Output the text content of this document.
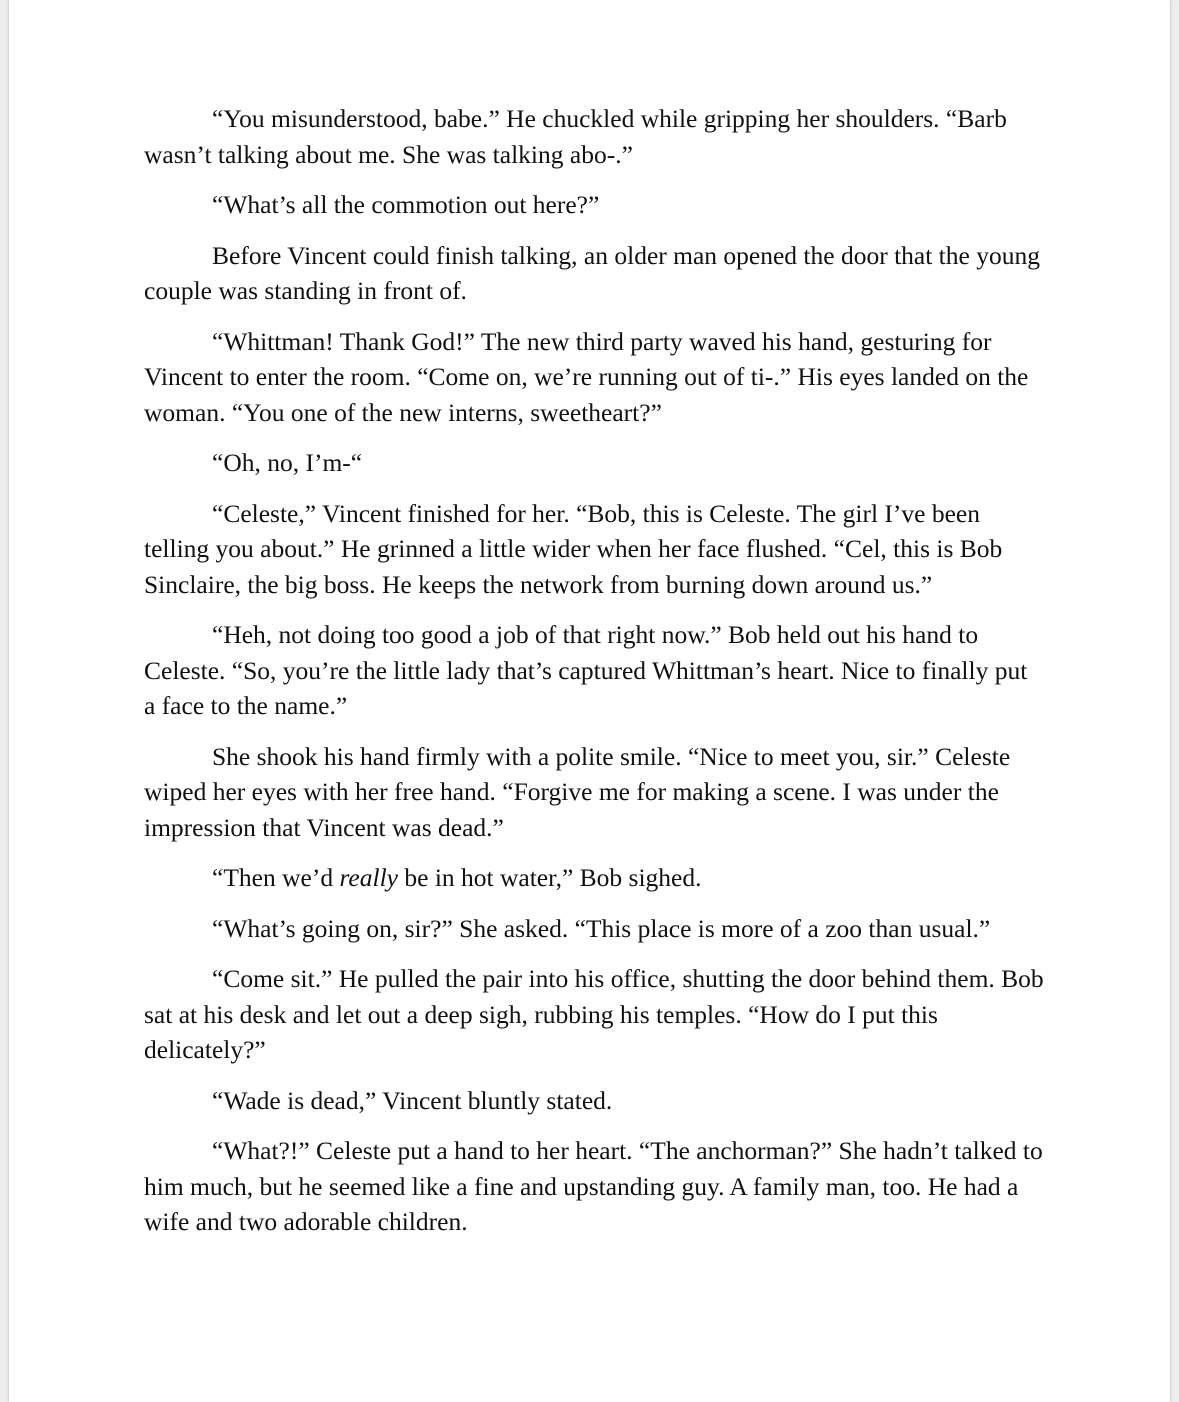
“You misunderstood, babe.” He chuckled while gripping her shoulders. “Barb wasn’t talking about me. She was talking abo-.”

“What’s all the commotion out here?”

Before Vincent could finish talking, an older man opened the door that the young couple was standing in front of.

“Whittman! Thank God!” The new third party waved his hand, gesturing for Vincent to enter the room. “Come on, we’re running out of ti-.” His eyes landed on the woman. “You one of the new interns, sweetheart?”

“Oh, no, I’m-“

“Celeste,” Vincent finished for her. “Bob, this is Celeste. The girl I’ve been telling you about.” He grinned a little wider when her face flushed. “Cel, this is Bob Sinclaire, the big boss. He keeps the network from burning down around us.”

“Heh, not doing too good a job of that right now.” Bob held out his hand to Celeste. “So, you’re the little lady that’s captured Whittman’s heart. Nice to finally put a face to the name.”

She shook his hand firmly with a polite smile. “Nice to meet you, sir.” Celeste wiped her eyes with her free hand. “Forgive me for making a scene. I was under the impression that Vincent was dead.”

“Then we’d really be in hot water,” Bob sighed.

“What’s going on, sir?” She asked. “This place is more of a zoo than usual.”

“Come sit.” He pulled the pair into his office, shutting the door behind them. Bob sat at his desk and let out a deep sigh, rubbing his temples. “How do I put this delicately?”

“Wade is dead,” Vincent bluntly stated.

“What?!” Celeste put a hand to her heart. “The anchorman?” She hadn’t talked to him much, but he seemed like a fine and upstanding guy. A family man, too. He had a wife and two adorable children.
